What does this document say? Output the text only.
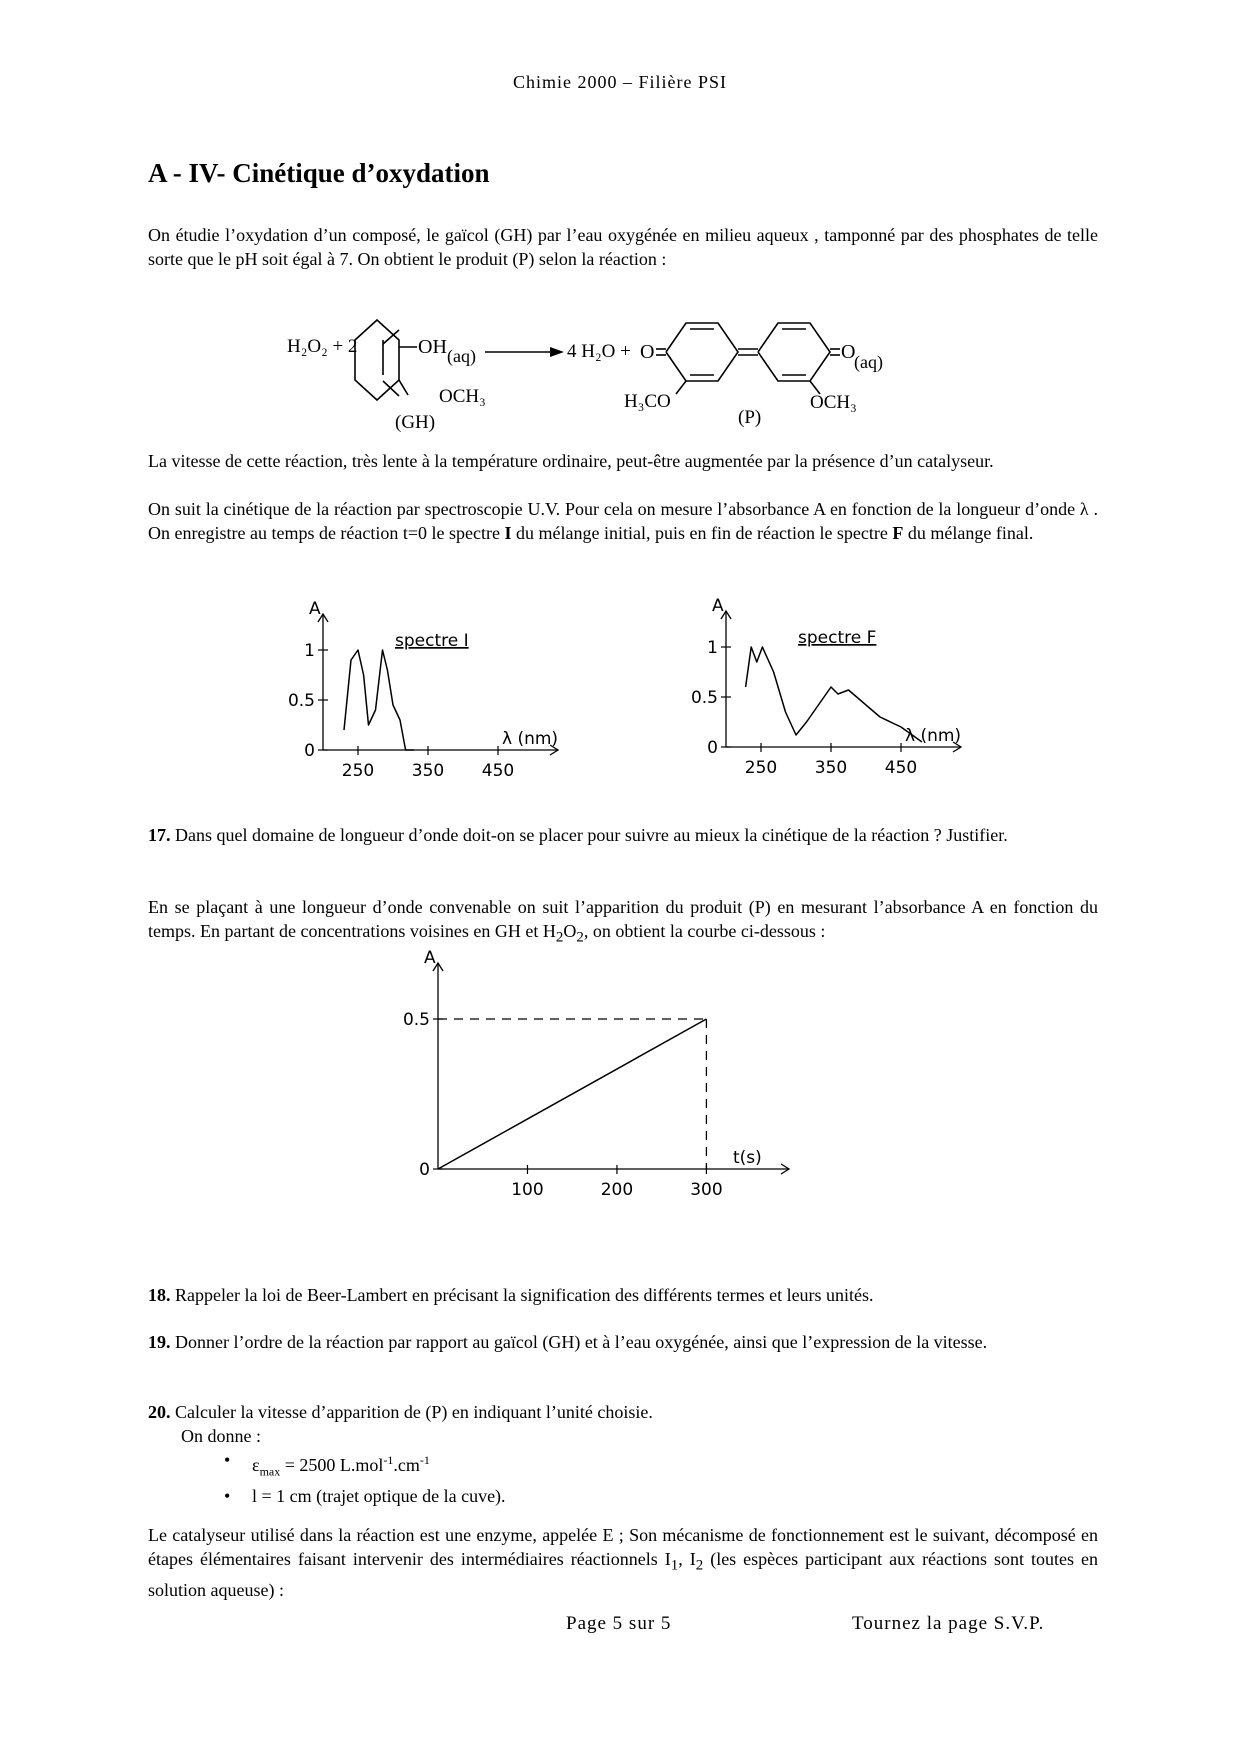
Chimie 2000 – Filière PSI
A - IV- Cinétique d’oxydation

On étudie l’oxydation d’un composé, le gaïcol (GH) par l’eau oxygénée en milieu aqueux , tamponné par des phosphates de telle sorte que le pH soit égal à 7. On obtient le produit (P) selon la réaction :

H₂O₂ + 2	OH (aq)
OCH₃
(GH)
4 H₂O + O	O
(aq)
H₃CO	OCH₃
(P)

La vitesse de cette réaction, très lente à la température ordinaire, peut-être augmentée par la présence d’un catalyseur.

On suit la cinétique de la réaction par spectroscopie U.V. Pour cela on mesure l’absorbance A en fonction de la longueur d’onde λ . On enregistre au temps de réaction t=0 le spectre I du mélange initial, puis en fin de réaction le spectre F du mélange final.

A
λ (nm)
0
0.5
1
250 350 450
spectre I
A
λ (nm)
0
0.5
1
250 350 450
spectre F

17. Dans quel domaine de longueur d’onde doit-on se placer pour suivre au mieux la cinétique de la réaction ? Justifier.

En se plaçant à une longueur d’onde convenable on suit l’apparition du produit (P) en mesurant l’absorbance A en fonction du temps. En partant de concentrations voisines en GH et $H_2O_2$, on obtient la courbe ci-dessous :

A
t(s)
0
0.5
100	200	300

18. Rappeler la loi de Beer-Lambert en précisant la signification des différents termes et leurs unités.

19. Donner l’ordre de la réaction par rapport au gaïcol (GH) et à l’eau oxygénée, ainsi que l’expression de la vitesse.

20. Calculer la vitesse d’apparition de (P) en indiquant l’unité choisie.

On donne :

• $\varepsilon_{max} = 2500$ $L.mol^{-1}.cm^{-1}$
• l = 1 cm (trajet optique de la cuve).

Le catalyseur utilisé dans la réaction est une enzyme, appelée E ; Son mécanisme de fonctionnement est le suivant, décomposé en étapes élémentaires faisant intervenir des intermédiaires réactionnels $I_1$, $I_2$ (les espèces participant aux réactions sont toutes en solution aqueuse) :

Page 5 sur 5	Tournez la page S.V.P.
